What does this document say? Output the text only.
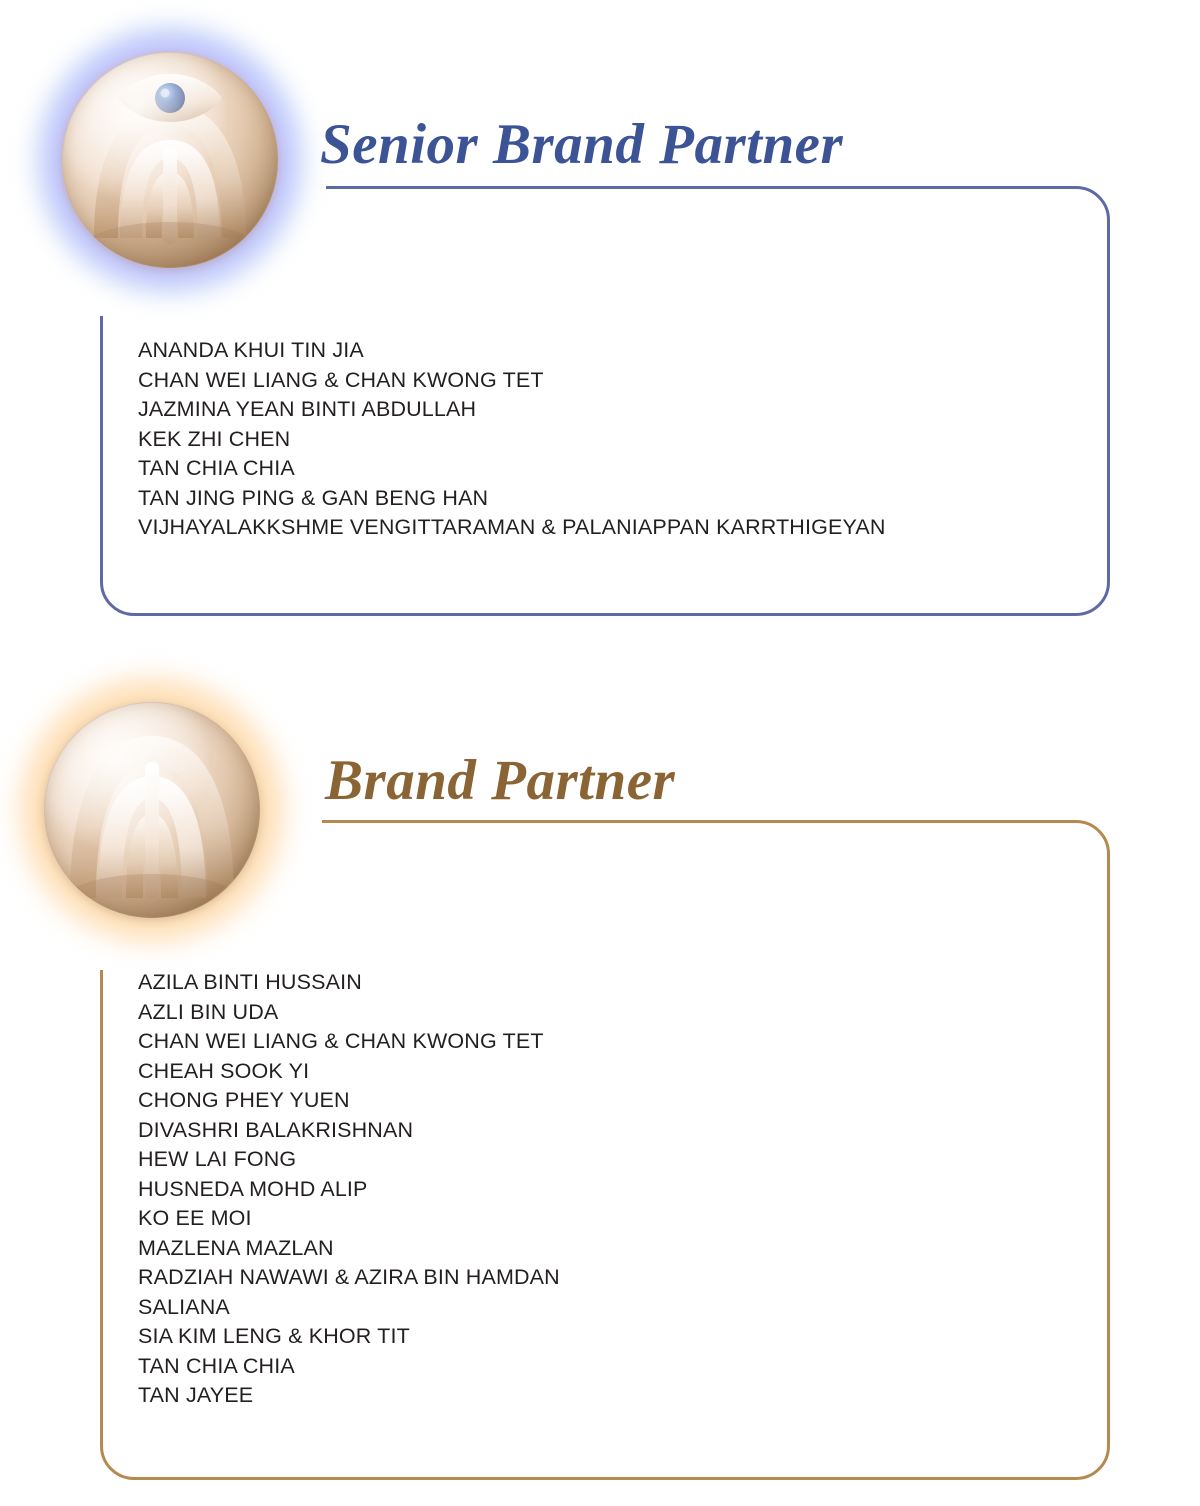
Senior Brand Partner
ANANDA KHUI TIN JIA
CHAN WEI LIANG & CHAN KWONG TET
JAZMINA YEAN BINTI ABDULLAH
KEK ZHI CHEN
TAN CHIA CHIA
TAN JING PING & GAN BENG HAN
VIJHAYALAKKSHME VENGITTARAMAN & PALANIAPPAN KARRTHIGEYAN
Brand Partner
AZILA BINTI HUSSAIN
AZLI BIN UDA
CHAN WEI LIANG & CHAN KWONG TET
CHEAH SOOK YI
CHONG PHEY YUEN
DIVASHRI BALAKRISHNAN
HEW LAI FONG
HUSNEDA MOHD ALIP
KO EE MOI
MAZLENA MAZLAN
RADZIAH NAWAWI & AZIRA BIN HAMDAN
SALIANA
SIA KIM LENG & KHOR TIT
TAN CHIA CHIA
TAN JAYEE
